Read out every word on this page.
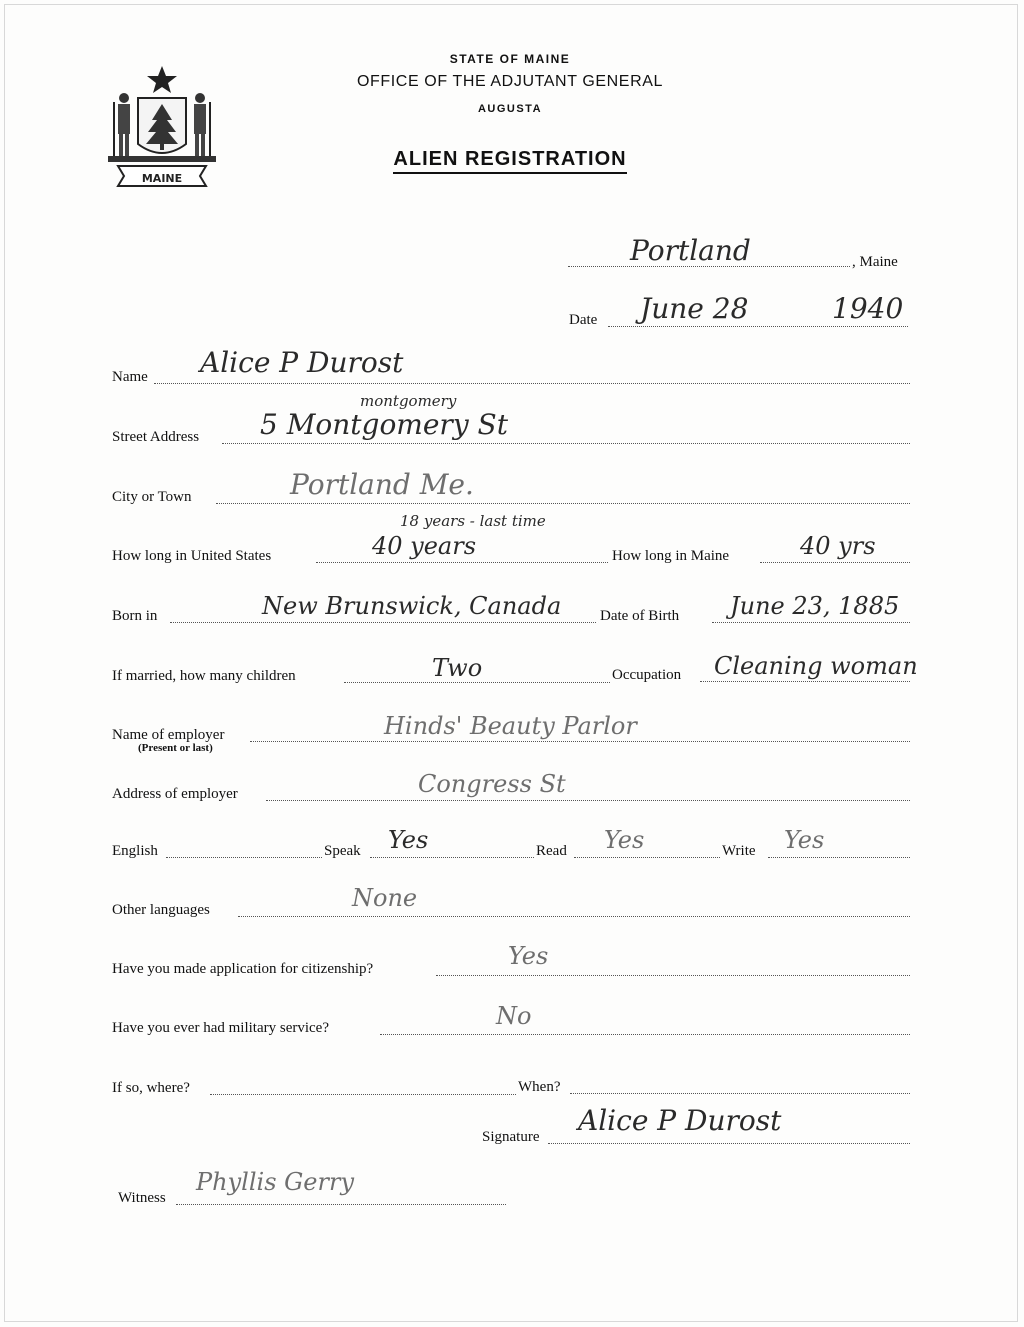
MAINE
STATE OF MAINE
OFFICE OF THE ADJUTANT GENERAL
AUGUSTA
ALIEN REGISTRATION
Portland	, Maine
Date June 28	1940
Name Alice P Durost
montgomery
Street Address 5 Montgomery St
City or Town	Portland Me.
18 years - last time
How long in United States	40 years	How long in Maine	40 yrs
Born in	New Brunswick, Canada	Date of Birth June 23, 1885
If married, how many children	Two	Occupation Cleaning woman
Name of employer
(Present or last)
Hinds' Beauty Parlor
Address of employer	Congress St
English	Speak Yes	Read Yes	Write Yes
Other languages	None
Have you made application for citizenship?	Yes
Have you ever had military service?	No
If so, where?	When?
Signature Alice P Durost
Witness
Phyllis Gerry
